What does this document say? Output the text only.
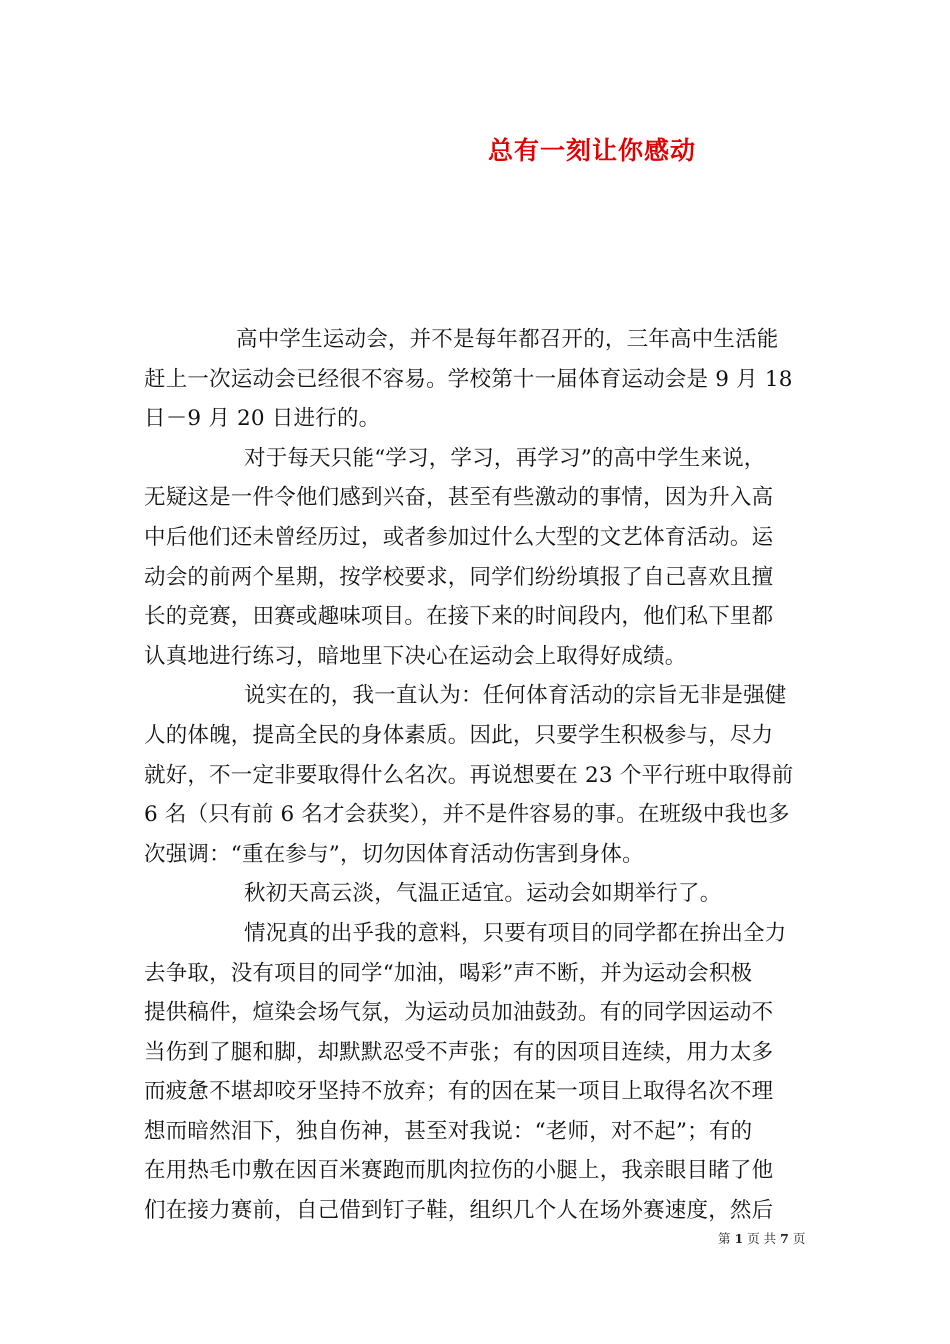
总有一刻让你感动
高中学生运动会，并不是每年都召开的，三年高中生活能
赶上一次运动会已经很不容易。学校第十一届体育运动会是 9 月 18
日－9 月 20 日进行的。
对于每天只能“学习，学习，再学习”的高中学生来说，
无疑这是一件令他们感到兴奋，甚至有些激动的事情，因为升入高
中后他们还未曾经历过，或者参加过什么大型的文艺体育活动。运
动会的前两个星期，按学校要求，同学们纷纷填报了自己喜欢且擅
长的竞赛，田赛或趣味项目。在接下来的时间段内，他们私下里都
认真地进行练习，暗地里下决心在运动会上取得好成绩。
说实在的，我一直认为：任何体育活动的宗旨无非是强健
人的体魄，提高全民的身体素质。因此，只要学生积极参与，尽力
就好，不一定非要取得什么名次。再说想要在 23 个平行班中取得前
6 名（只有前 6 名才会获奖），并不是件容易的事。在班级中我也多
次强调：“重在参与”，切勿因体育活动伤害到身体。
秋初天高云淡，气温正适宜。运动会如期举行了。
情况真的出乎我的意料，只要有项目的同学都在拚出全力
去争取，没有项目的同学“加油，喝彩”声不断，并为运动会积极
提供稿件，煊染会场气氛，为运动员加油鼓劲。有的同学因运动不
当伤到了腿和脚，却默默忍受不声张；有的因项目连续，用力太多
而疲惫不堪却咬牙坚持不放弃；有的因在某一项目上取得名次不理
想而暗然泪下，独自伤神，甚至对我说：“老师，对不起”；有的
在用热毛巾敷在因百米赛跑而肌肉拉伤的小腿上，我亲眼目睹了他
们在接力赛前，自己借到钉子鞋，组织几个人在场外赛速度，然后
第 1 页 共 7 页
